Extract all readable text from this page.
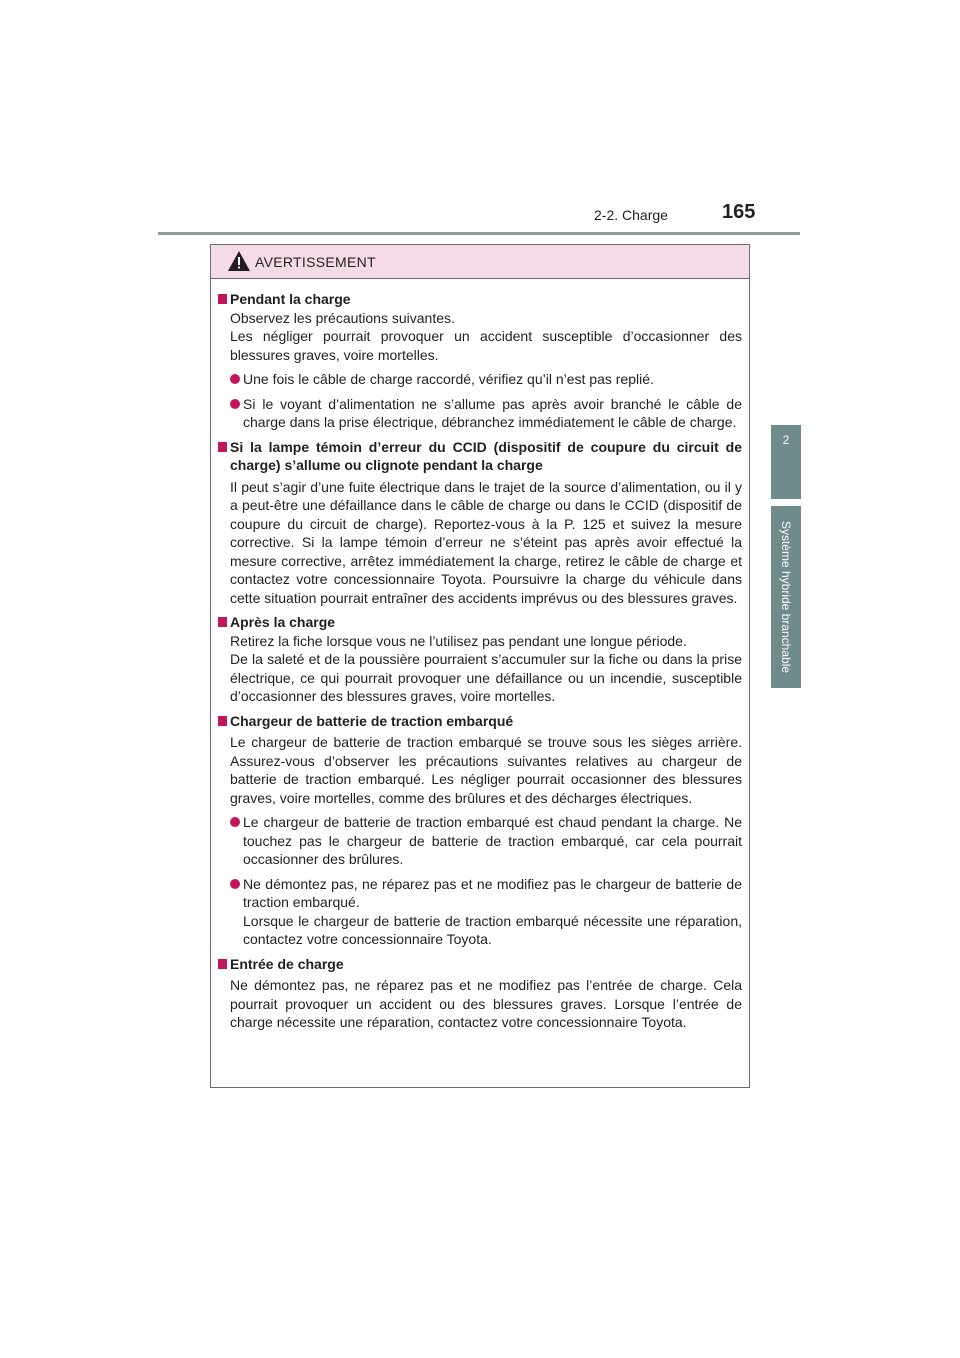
2-2. Charge	165
2
Système hybride branchable
AVERTISSEMENT
Pendant la charge
Observez les précautions suivantes.
Les négliger pourrait provoquer un accident susceptible d’occasionner des blessures graves, voire mortelles.
Une fois le câble de charge raccordé, vérifiez qu’il n’est pas replié.
Si le voyant d’alimentation ne s’allume pas après avoir branché le câble de charge dans la prise électrique, débranchez immédiatement le câble de charge.
Si la lampe témoin d’erreur du CCID (dispositif de coupure du circuit de charge) s’allume ou clignote pendant la charge
Il peut s’agir d’une fuite électrique dans le trajet de la source d’alimentation, ou il y a peut-être une défaillance dans le câble de charge ou dans le CCID (dispositif de coupure du circuit de charge). Reportez-vous à la P. 125 et suivez la mesure corrective. Si la lampe témoin d’erreur ne s’éteint pas après avoir effectué la mesure corrective, arrêtez immédiatement la charge, retirez le câble de charge et contactez votre concessionnaire Toyota. Poursuivre la charge du véhicule dans cette situation pourrait entraîner des accidents imprévus ou des blessures graves.
Après la charge
Retirez la fiche lorsque vous ne l’utilisez pas pendant une longue période.
De la saleté et de la poussière pourraient s’accumuler sur la fiche ou dans la prise électrique, ce qui pourrait provoquer une défaillance ou un incendie, susceptible d’occasionner des blessures graves, voire mortelles.
Chargeur de batterie de traction embarqué
Le chargeur de batterie de traction embarqué se trouve sous les sièges arrière. Assurez-vous d’observer les précautions suivantes relatives au chargeur de batterie de traction embarqué. Les négliger pourrait occasionner des blessures graves, voire mortelles, comme des brûlures et des décharges électriques.
Le chargeur de batterie de traction embarqué est chaud pendant la charge. Ne touchez pas le chargeur de batterie de traction embarqué, car cela pourrait occasionner des brûlures.
Ne démontez pas, ne réparez pas et ne modifiez pas le chargeur de batterie de traction embarqué.
Lorsque le chargeur de batterie de traction embarqué nécessite une réparation, contactez votre concessionnaire Toyota.
Entrée de charge
Ne démontez pas, ne réparez pas et ne modifiez pas l’entrée de charge. Cela pourrait provoquer un accident ou des blessures graves. Lorsque l’entrée de charge nécessite une réparation, contactez votre concessionnaire Toyota.
